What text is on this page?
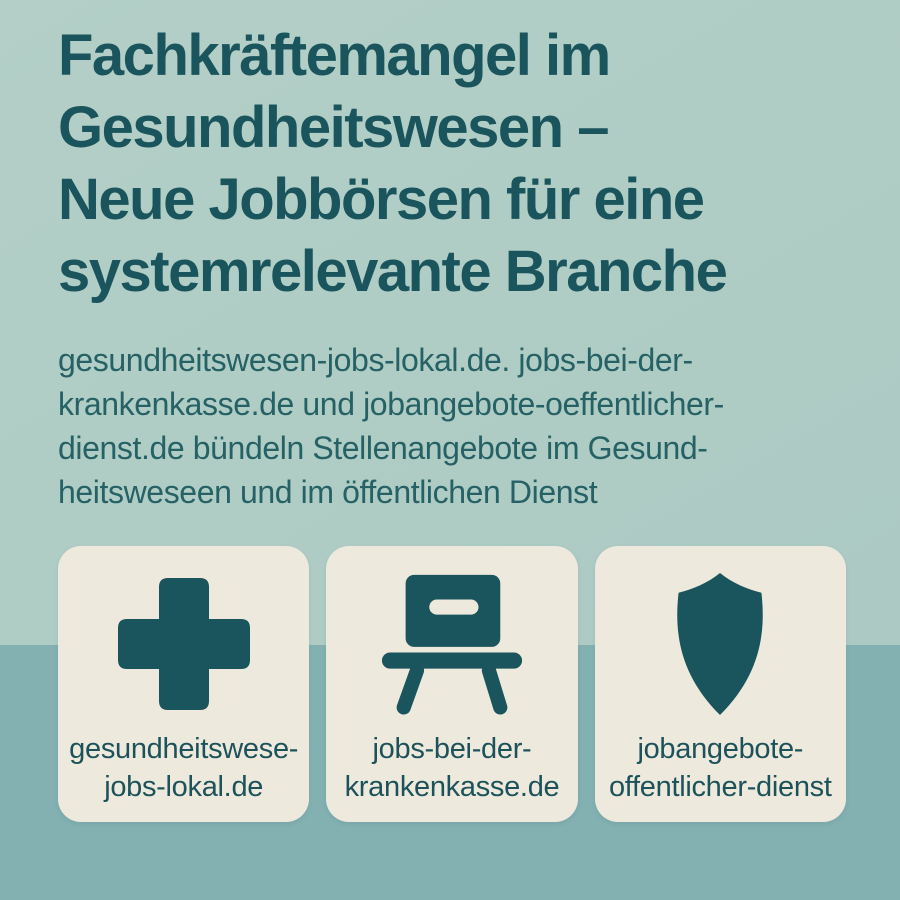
Fachkräftemangel im
Gesundheitswesen –
Neue Jobbörsen für eine
systemrelevante Branche

gesundheitswesen-jobs-lokal.de. jobs-bei-der-
krankenkasse.de und jobangebote-oeffentlicher-
dienst.de bündeln Stellenangebote im Gesund-
heitsweseen und im öffentlichen Dienst

gesundheitswese-
jobs-lokal.de
jobs-bei-der-
krankenkasse.de
jobangebote-
offentlicher-dienst
